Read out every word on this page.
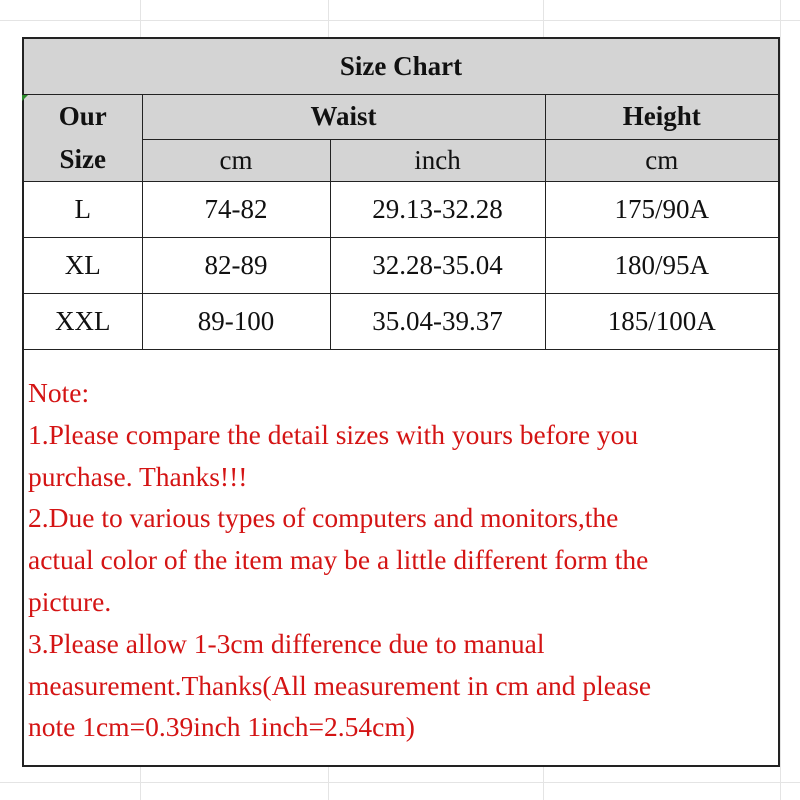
Size Chart			

Our
Size	Waist		Height
	cm	inch	cm
L	74-82	29.13-32.28	175/90A
XL	82-89	32.28-35.04	180/95A
XXL	89-100	35.04-39.37	185/100A
Note:
1.Please compare the detail sizes with yours before you
purchase. Thanks!!!
2.Due to various types of computers and monitors,the
actual color of the item may be a little different form the
picture.
3.Please allow 1-3cm difference due to manual
measurement.Thanks(All measurement in cm and please
note 1cm=0.39inch 1inch=2.54cm)
